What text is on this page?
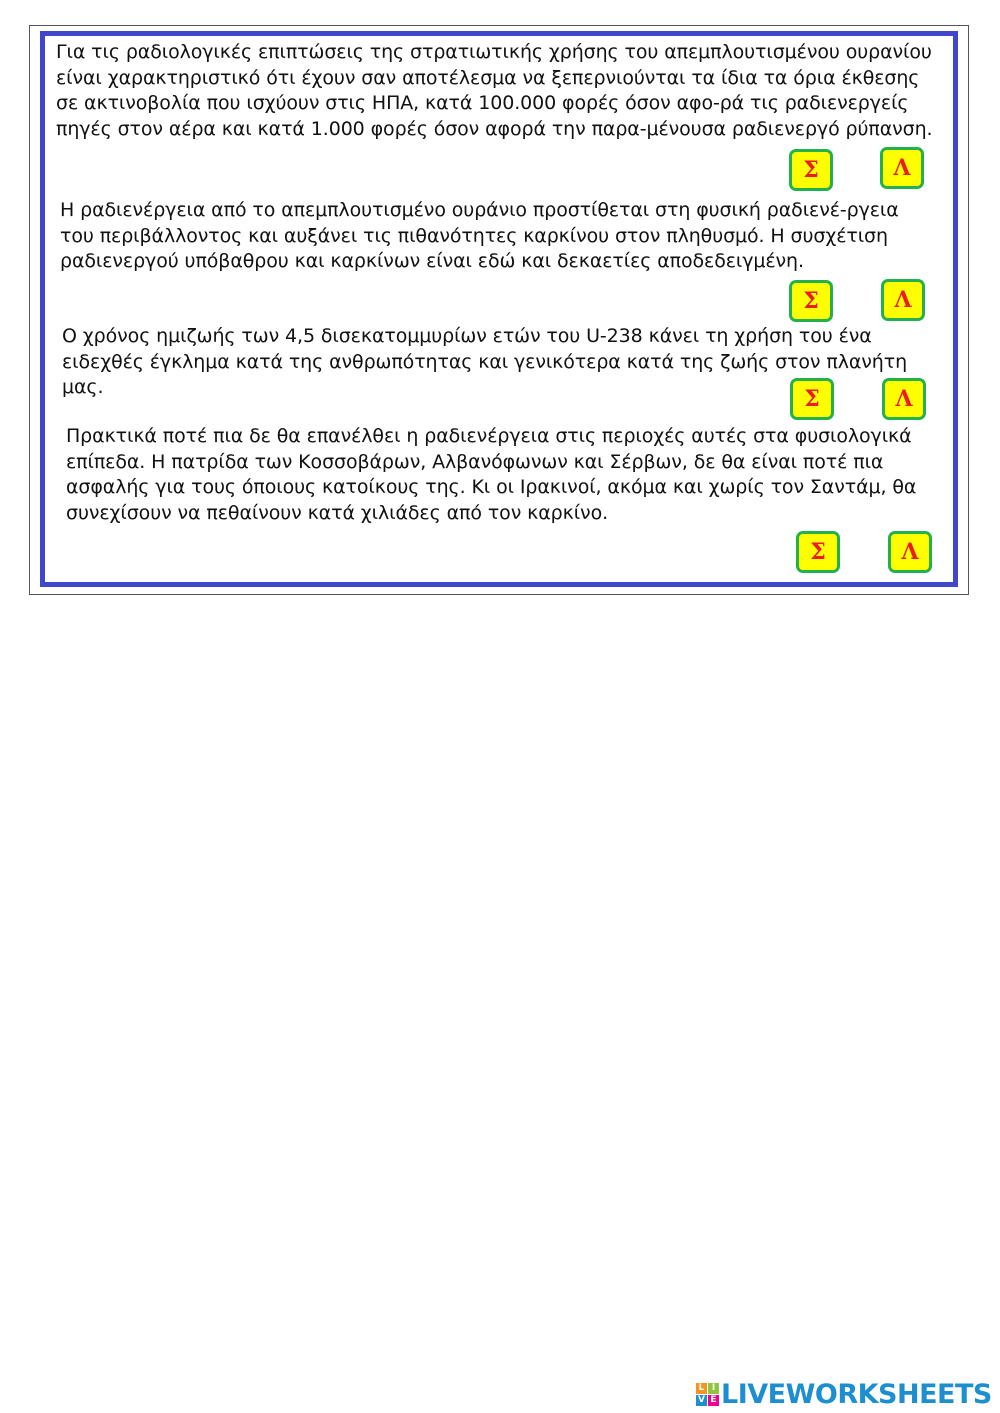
Για τις ραδιολογικές επιπτώσεις της στρατιωτικής χρήσης του απεμπλουτισμένου ουρανίου είναι χαρακτηριστικό ότι έχουν σαν αποτέλεσμα να ξεπερνιούνται τα ίδια τα όρια έκθεσης σε ακτινοβολία που ισχύουν στις ΗΠΑ, κατά 100.000 φορές όσον αφο-ρά τις ραδιενεργείς πηγές στον αέρα και κατά 1.000 φορές όσον αφορά την παρα-μένουσα ραδιενεργό ρύπανση.

Σ	Λ

Η ραδιενέργεια από το απεμπλουτισμένο ουράνιο προστίθεται στη φυσική ραδιενέ-ργεια του περιβάλλοντος και αυξάνει τις πιθανότητες καρκίνου στον πληθυσμό. Η συσχέτιση ραδιενεργού υπόβαθρου και καρκίνων είναι εδώ και δεκαετίες αποδεδειγμένη.

Σ	Λ

Ο χρόνος ημιζωής των 4,5 δισεκατομμυρίων ετών του U-238 κάνει τη χρήση του ένα ειδεχθές έγκλημα κατά της ανθρωπότητας και γενικότερα κατά της ζωής στον πλανήτη μας.	Σ	Λ

Πρακτικά ποτέ πια δε θα επανέλθει η ραδιενέργεια στις περιοχές αυτές στα φυσιολογικά επίπεδα. Η πατρίδα των Κοσσοβάρων, Αλβανόφωνων και Σέρβων, δε θα είναι ποτέ πια ασφαλής για τους όποιους κατοίκους της. Κι οι Ιρακινοί, ακόμα και χωρίς τον Σαντάμ, θα συνεχίσουν να πεθαίνουν κατά χιλιάδες από τον καρκίνο.

Σ	Λ
L I
V E LIVEWORKSHEETS
